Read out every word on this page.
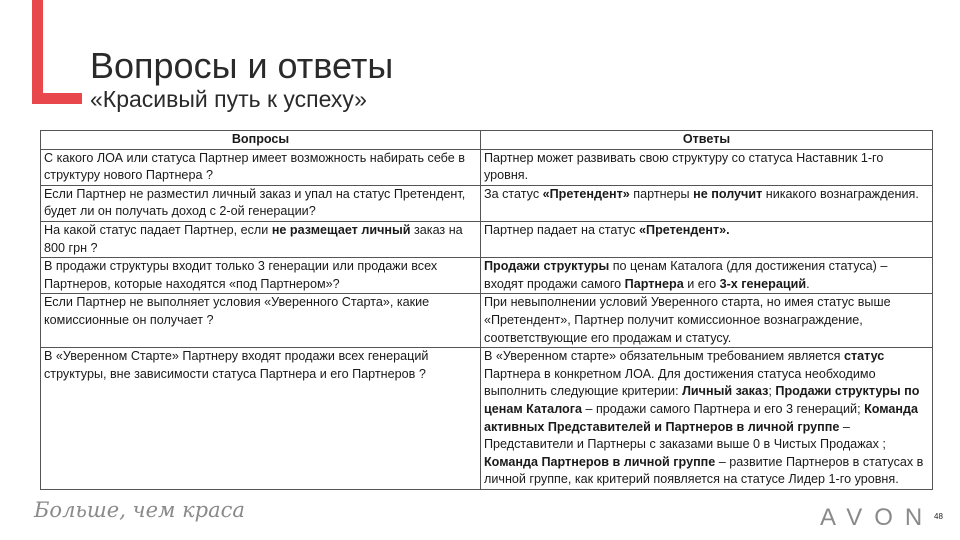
Вопросы и ответы
«Красивый путь к успеху»
Вопросы	Ответы
С какого ЛОА или статуса Партнер имеет возможность набирать себе в структуру нового Партнера ?	Партнер может развивать свою структуру со статуса Наставник 1-го уровня.
Если Партнер не разместил личный заказ и упал на статус Претендент, будет ли он получать доход с 2-ой генерации?	За статус «Претендент» партнеры не получит никакого вознаграждения.
На какой статус падает Партнер, если не размещает личный заказ на 800 грн ?	Партнер падает на статус «Претендент».
В продажи структуры входит только 3 генерации или продажи всех Партнеров, которые находятся «под Партнером»?	Продажи структуры по ценам Каталога (для достижения статуса) – входят продажи самого Партнера и его 3-х генераций.
Если Партнер не выполняет условия «Уверенного Старта», какие комиссионные он получает ?	При невыполнении условий Уверенного старта, но имея статус выше «Претендент», Партнер получит комиссионное вознаграждение, соответствующие его продажам и статусу.
В «Уверенном Старте» Партнеру входят продажи всех генераций структуры, вне зависимости статуса Партнера и его Партнеров ?	В «Уверенном старте» обязательным требованием является статус Партнера в конкретном ЛОА. Для достижения статуса необходимо выполнить следующие критерии: Личный заказ; Продажи структуры по ценам Каталога – продажи самого Партнера и его 3 генераций; Команда активных Представителей и Партнеров в личной группе – Представители и Партнеры с заказами выше 0 в Чистых Продажах ; Команда Партнеров в личной группе – развитие Партнеров в статусах в личной группе, как критерий появляется на статусе Лидер 1-го уровня.
Больше, чем краса	AVON 48
